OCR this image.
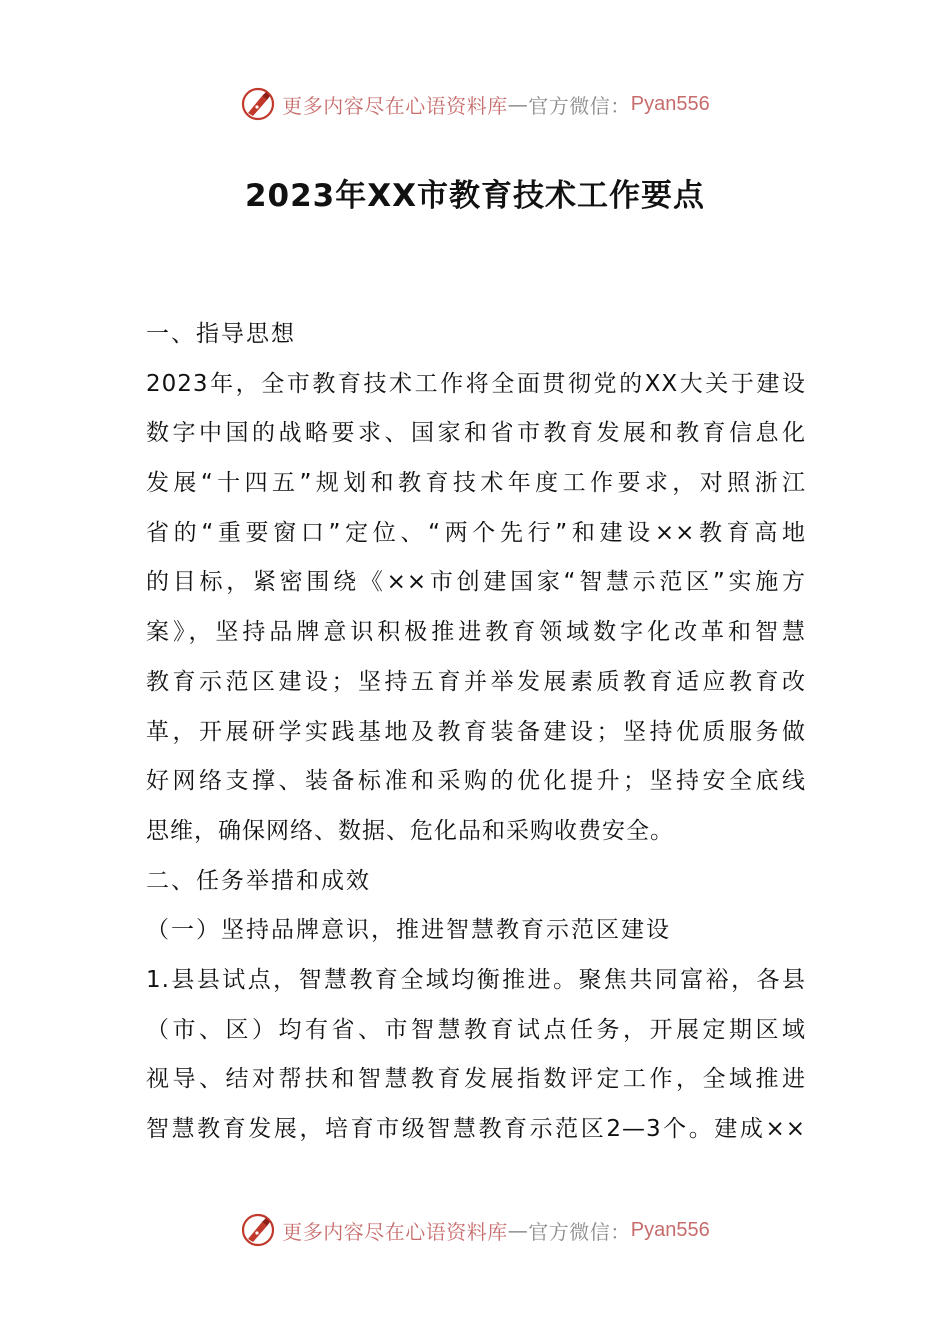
更多内容尽在心语资料库 — 官方微信： Pyan556
2023年XX市教育技术工作要点
一、指导思想
2023年，全市教育技术工作将全面贯彻党的XX大关于建设
数字中国的战略要求、国家和省市教育发展和教育信息化
发展“十四五”规划和教育技术年度工作要求，对照浙江
省的“重要窗口”定位、“两个先行”和建设××教育高地
的目标，紧密围绕《××市创建国家“智慧示范区”实施方
案》，坚持品牌意识积极推进教育领域数字化改革和智慧
教育示范区建设；坚持五育并举发展素质教育适应教育改
革，开展研学实践基地及教育装备建设；坚持优质服务做
好网络支撑、装备标准和采购的优化提升；坚持安全底线
思维，确保网络、数据、危化品和采购收费安全。
二、任务举措和成效
（一）坚持品牌意识，推进智慧教育示范区建设
1.县县试点，智慧教育全域均衡推进。聚焦共同富裕，各县
（市、区）均有省、市智慧教育试点任务，开展定期区域
视导、结对帮扶和智慧教育发展指数评定工作，全域推进
智慧教育发展，培育市级智慧教育示范区2—3个。建成××
更多内容尽在心语资料库 — 官方微信： Pyan556
